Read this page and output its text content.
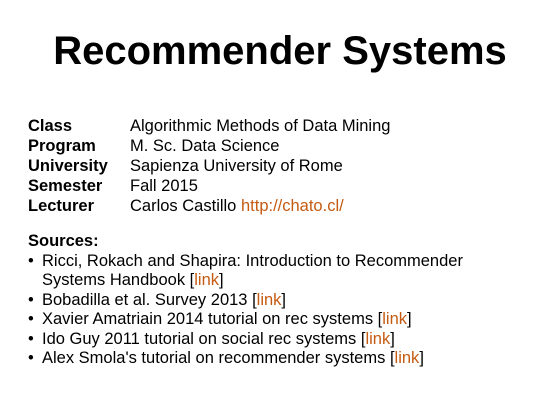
Recommender Systems
Class	Algorithmic Methods of Data Mining
Program	M. Sc. Data Science
University	Sapienza University of Rome
Semester	Fall 2015
Lecturer	Carlos Castillo http://chato.cl/
Sources:
• Ricci, Rokach and Shapira: Introduction to Recommender Systems Handbook [link]
• Bobadilla et al. Survey 2013 [link]
• Xavier Amatriain 2014 tutorial on rec systems [link]
• Ido Guy 2011 tutorial on social rec systems [link]
• Alex Smola's tutorial on recommender systems [link]
